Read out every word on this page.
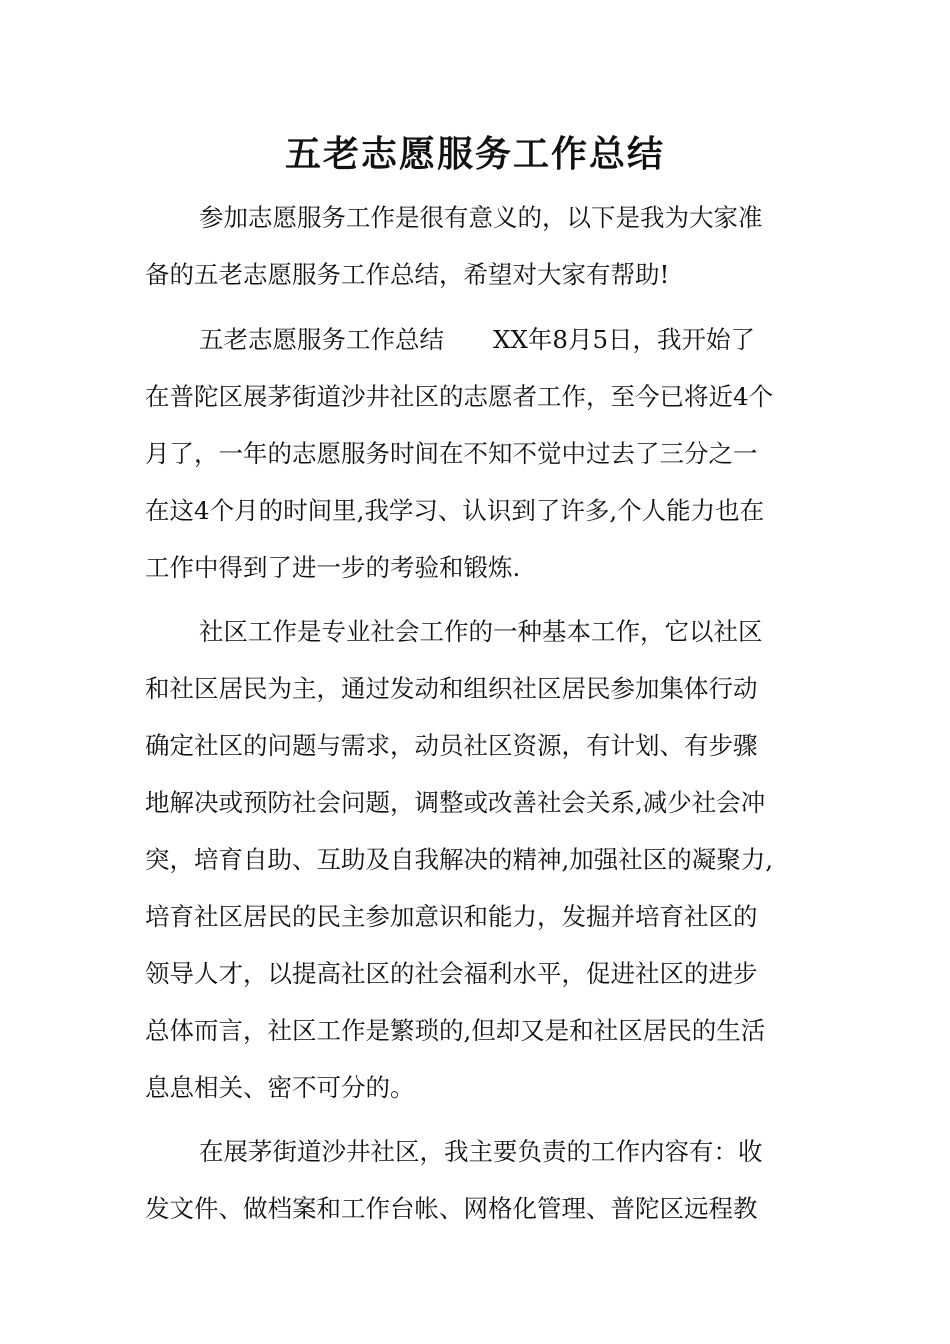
五老志愿服务工作总结
参加志愿服务工作是很有意义的，以下是我为大家准
备的五老志愿服务工作总结，希望对大家有帮助!
五老志愿服务工作总结　　XX年8月5日，我开始了
在普陀区展茅街道沙井社区的志愿者工作，至今已将近4个
月了，一年的志愿服务时间在不知不觉中过去了三分之一
在这4个月的时间里,我学习、认识到了许多,个人能力也在
工作中得到了进一步的考验和锻炼.
社区工作是专业社会工作的一种基本工作，它以社区
和社区居民为主，通过发动和组织社区居民参加集体行动
确定社区的问题与需求，动员社区资源，有计划、有步骤
地解决或预防社会问题，调整或改善社会关系,减少社会冲
突，培育自助、互助及自我解决的精神,加强社区的凝聚力,
培育社区居民的民主参加意识和能力，发掘并培育社区的
领导人才，以提高社区的社会福利水平，促进社区的进步
总体而言，社区工作是繁琐的,但却又是和社区居民的生活
息息相关、密不可分的。
在展茅街道沙井社区，我主要负责的工作内容有：收
发文件、做档案和工作台帐、网格化管理、普陀区远程教
